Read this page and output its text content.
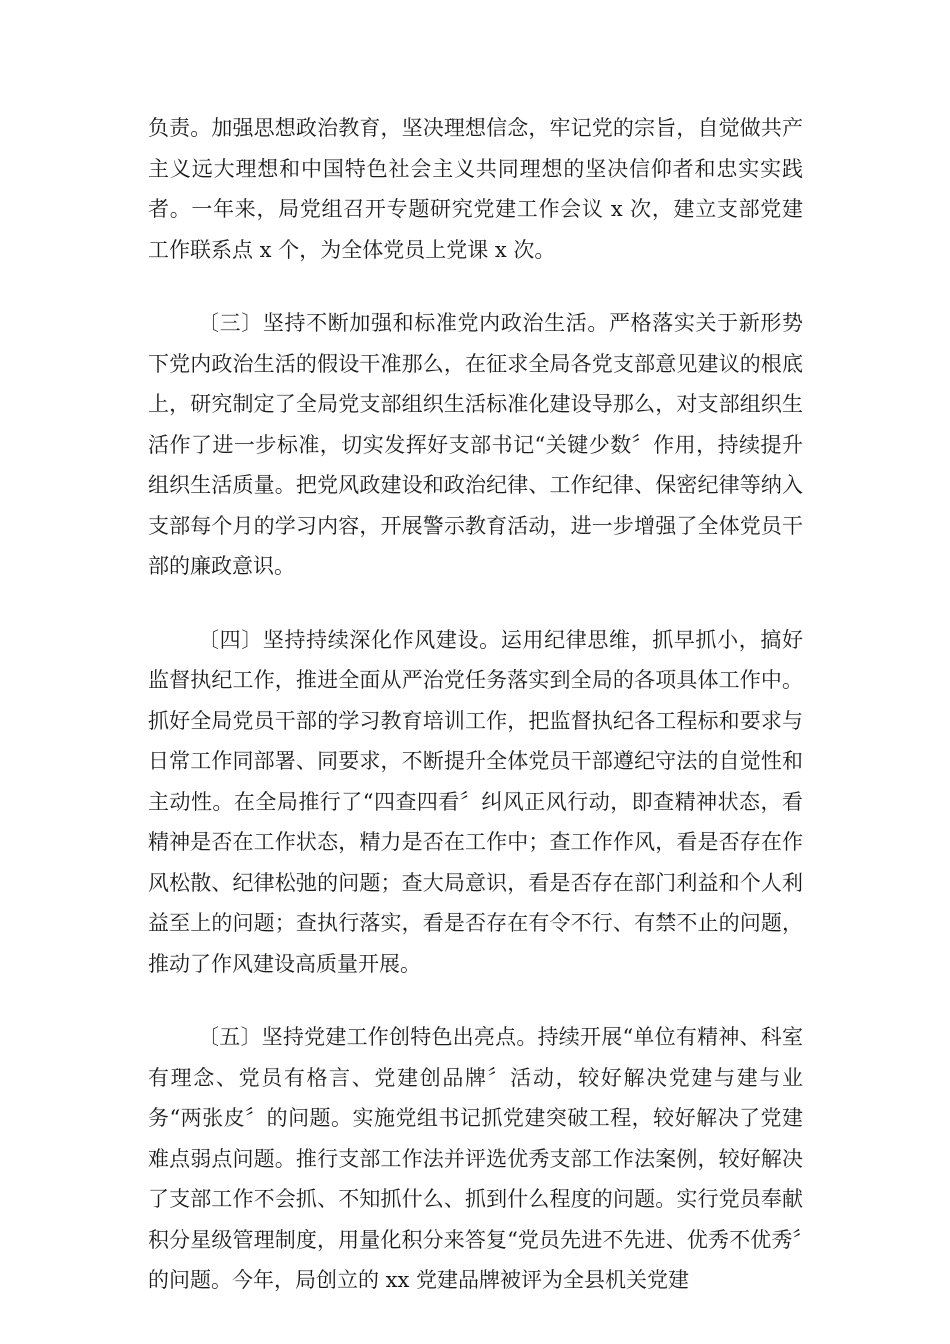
负责。加强思想政治教育，坚决理想信念，牢记党的宗旨，自觉做共产主义远大理想和中国特色社会主义共同理想的坚决信仰者和忠实实践者。一年来，局党组召开专题研究党建工作会议 x 次，建立支部党建工作联系点 x 个，为全体党员上党课 x 次。

〔三〕坚持不断加强和标准党内政治生活。严格落实关于新形势下党内政治生活的假设干准那么，在征求全局各党支部意见建议的根底上，研究制定了全局党支部组织生活标准化建设导那么，对支部组织生活作了进一步标准，切实发挥好支部书记“关键少数〞作用，持续提升组织生活质量。把党风政建设和政治纪律、工作纪律、保密纪律等纳入支部每个月的学习内容，开展警示教育活动，进一步增强了全体党员干部的廉政意识。

〔四〕坚持持续深化作风建设。运用纪律思维，抓早抓小，搞好监督执纪工作，推进全面从严治党任务落实到全局的各项具体工作中。抓好全局党员干部的学习教育培训工作，把监督执纪各工程标和要求与日常工作同部署、同要求，不断提升全体党员干部遵纪守法的自觉性和主动性。在全局推行了“四查四看〞纠风正风行动，即查精神状态，看精神是否在工作状态，精力是否在工作中；查工作作风，看是否存在作风松散、纪律松弛的问题；查大局意识，看是否存在部门利益和个人利益至上的问题；查执行落实，看是否存在有令不行、有禁不止的问题，推动了作风建设高质量开展。

〔五〕坚持党建工作创特色出亮点。持续开展“单位有精神、科室有理念、党员有格言、党建创品牌〞活动，较好解决党建与建与业务“两张皮〞的问题。实施党组书记抓党建突破工程，较好解决了党建难点弱点问题。推行支部工作法并评选优秀支部工作法案例，较好解决了支部工作不会抓、不知抓什么、抓到什么程度的问题。实行党员奉献积分星级管理制度，用量化积分来答复“党员先进不先进、优秀不优秀〞的问题。今年，局创立的 xx 党建品牌被评为全县机关党建
